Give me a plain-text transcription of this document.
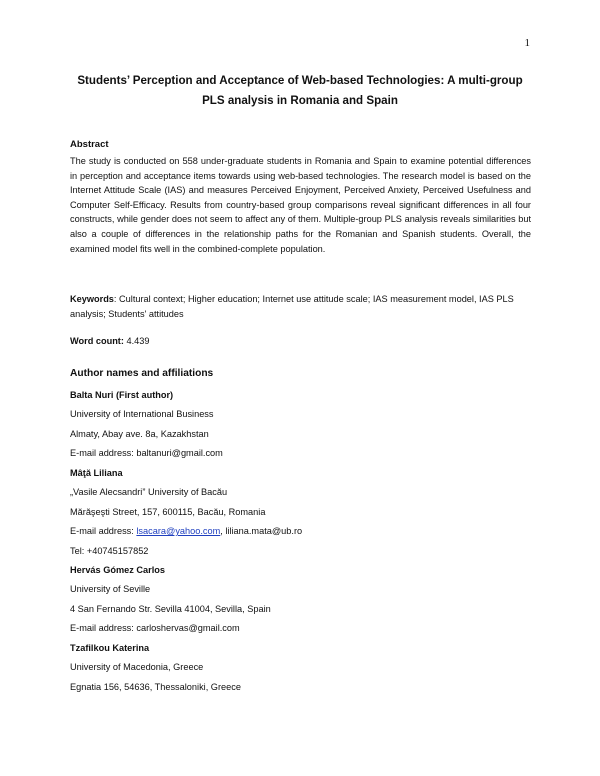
1
Students’ Perception and Acceptance of Web-based Technologies: A multi-group PLS analysis in Romania and Spain
Abstract
The study is conducted on 558 under-graduate students in Romania and Spain to examine potential differences in perception and acceptance items towards using web-based technologies. The research model is based on the Internet Attitude Scale (IAS) and measures Perceived Enjoyment, Perceived Anxiety, Perceived Usefulness and Computer Self-Efficacy. Results from country-based group comparisons reveal significant differences in all four constructs, while gender does not seem to affect any of them. Multiple-group PLS analysis reveals similarities but also a couple of differences in the relationship paths for the Romanian and Spanish students. Overall, the examined model fits well in the combined-complete population.
Keywords: Cultural context; Higher education; Internet use attitude scale; IAS measurement model, IAS PLS analysis; Students' attitudes
Word count: 4.439
Author names and affiliations
Balta Nuri (First author)
University of International Business
Almaty, Abay ave. 8a, Kazakhstan
E-mail address: baltanuri@gmail.com
Mâţă Liliana
„Vasile Alecsandri” University of Bacău
Mărăşeşti Street, 157, 600115, Bacău, Romania
E-mail address: lsacara@yahoo.com, liliana.mata@ub.ro
Tel: +40745157852
Hervás Gómez Carlos
University of Seville
4 San Fernando Str. Sevilla 41004, Sevilla, Spain
E-mail address: carloshervas@gmail.com
Tzafilkou Katerina
University of Macedonia, Greece
Egnatia 156, 54636, Thessaloniki, Greece
